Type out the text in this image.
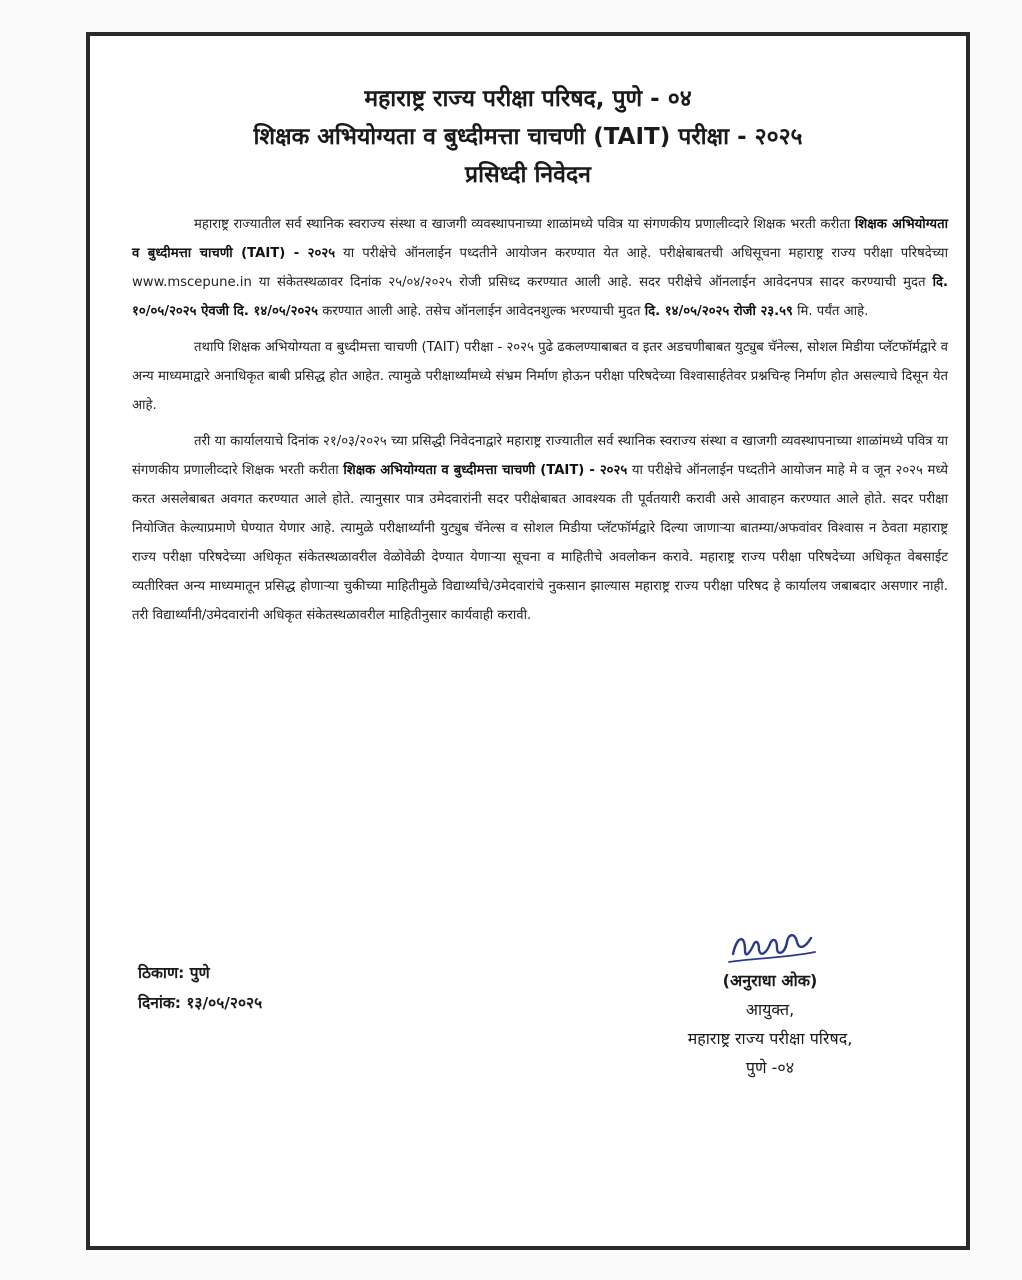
महाराष्ट्र राज्य परीक्षा परिषद, पुणे - ०४
शिक्षक अभियोग्यता व बुध्दीमत्ता चाचणी (TAIT) परीक्षा - २०२५
प्रसिध्दी निवेदन

महाराष्ट्र राज्यातील सर्व स्थानिक स्वराज्य संस्था व खाजगी व्यवस्थापनाच्या शाळांमध्ये पवित्र या संगणकीय प्रणालीव्दारे शिक्षक भरती करीता शिक्षक अभियोग्यता व बुध्दीमत्ता चाचणी (TAIT) - २०२५ या परीक्षेचे ऑनलाईन पध्दतीने आयोजन करण्यात येत आहे. परीक्षेबाबतची अधिसूचना महाराष्ट्र राज्य परीक्षा परिषदेच्या www.mscepune.in या संकेतस्थळावर दिनांक २५/०४/२०२५ रोजी प्रसिध्द करण्यात आली आहे. सदर परीक्षेचे ऑनलाईन आवेदनपत्र सादर करण्याची मुदत दि. १०/०५/२०२५ ऐवजी दि. १४/०५/२०२५ करण्यात आली आहे. तसेच ऑनलाईन आवेदनशुल्क भरण्याची मुदत दि. १४/०५/२०२५ रोजी २३.५९ मि. पर्यंत आहे.

तथापि शिक्षक अभियोग्यता व बुध्दीमत्ता चाचणी (TAIT) परीक्षा - २०२५ पुढे ढकलण्याबाबत व इतर अडचणीबाबत युट्युब चॅनेल्स, सोशल मिडीया प्लॅटफॉर्मद्वारे व अन्य माध्यमाद्वारे अनाधिकृत बाबी प्रसिद्ध होत आहेत. त्यामुळे परीक्षार्थ्यांमध्ये संभ्रम निर्माण होऊन परीक्षा परिषदेच्या विश्वासार्हतेवर प्रश्नचिन्ह निर्माण होत असल्याचे दिसून येत आहे.

तरी या कार्यालयाचे दिनांक २१/०३/२०२५ च्या प्रसिद्धी निवेदनाद्वारे महाराष्ट्र राज्यातील सर्व स्थानिक स्वराज्य संस्था व खाजगी व्यवस्थापनाच्या शाळांमध्ये पवित्र या संगणकीय प्रणालीव्दारे शिक्षक भरती करीता शिक्षक अभियोग्यता व बुध्दीमत्ता चाचणी (TAIT) - २०२५ या परीक्षेचे ऑनलाईन पध्दतीने आयोजन माहे मे व जून २०२५ मध्ये करत असलेबाबत अवगत करण्यात आले होते. त्यानुसार पात्र उमेदवारांनी सदर परीक्षेबाबत आवश्यक ती पूर्वतयारी करावी असे आवाहन करण्यात आले होते. सदर परीक्षा नियोजित केल्याप्रमाणे घेण्यात येणार आहे. त्यामुळे परीक्षार्थ्यांनी युट्युब चॅनेल्स व सोशल मिडीया प्लॅटफॉर्मद्वारे दिल्या जाणाऱ्या बातम्या/अफवांवर विश्वास न ठेवता महाराष्ट्र राज्य परीक्षा परिषदेच्या अधिकृत संकेतस्थळावरील वेळोवेळी देण्यात येणाऱ्या सूचना व माहितीचे अवलोकन करावे. महाराष्ट्र राज्य परीक्षा परिषदेच्या अधिकृत वेबसाईट व्यतीरिक्त अन्य माध्यमातून प्रसिद्ध होणाऱ्या चुकीच्या माहितीमुळे विद्यार्थ्यांचे/उमेदवारांचे नुकसान झाल्यास महाराष्ट्र राज्य परीक्षा परिषद हे कार्यालय जबाबदार असणार नाही. तरी विद्यार्थ्यांनी/उमेदवारांनी अधिकृत संकेतस्थळावरील माहितीनुसार कार्यवाही करावी.

ठिकाण: पुणे
दिनांक: १३/०५/२०२५
(अनुराधा ओक)
आयुक्त,
महाराष्ट्र राज्य परीक्षा परिषद,
पुणे -०४
